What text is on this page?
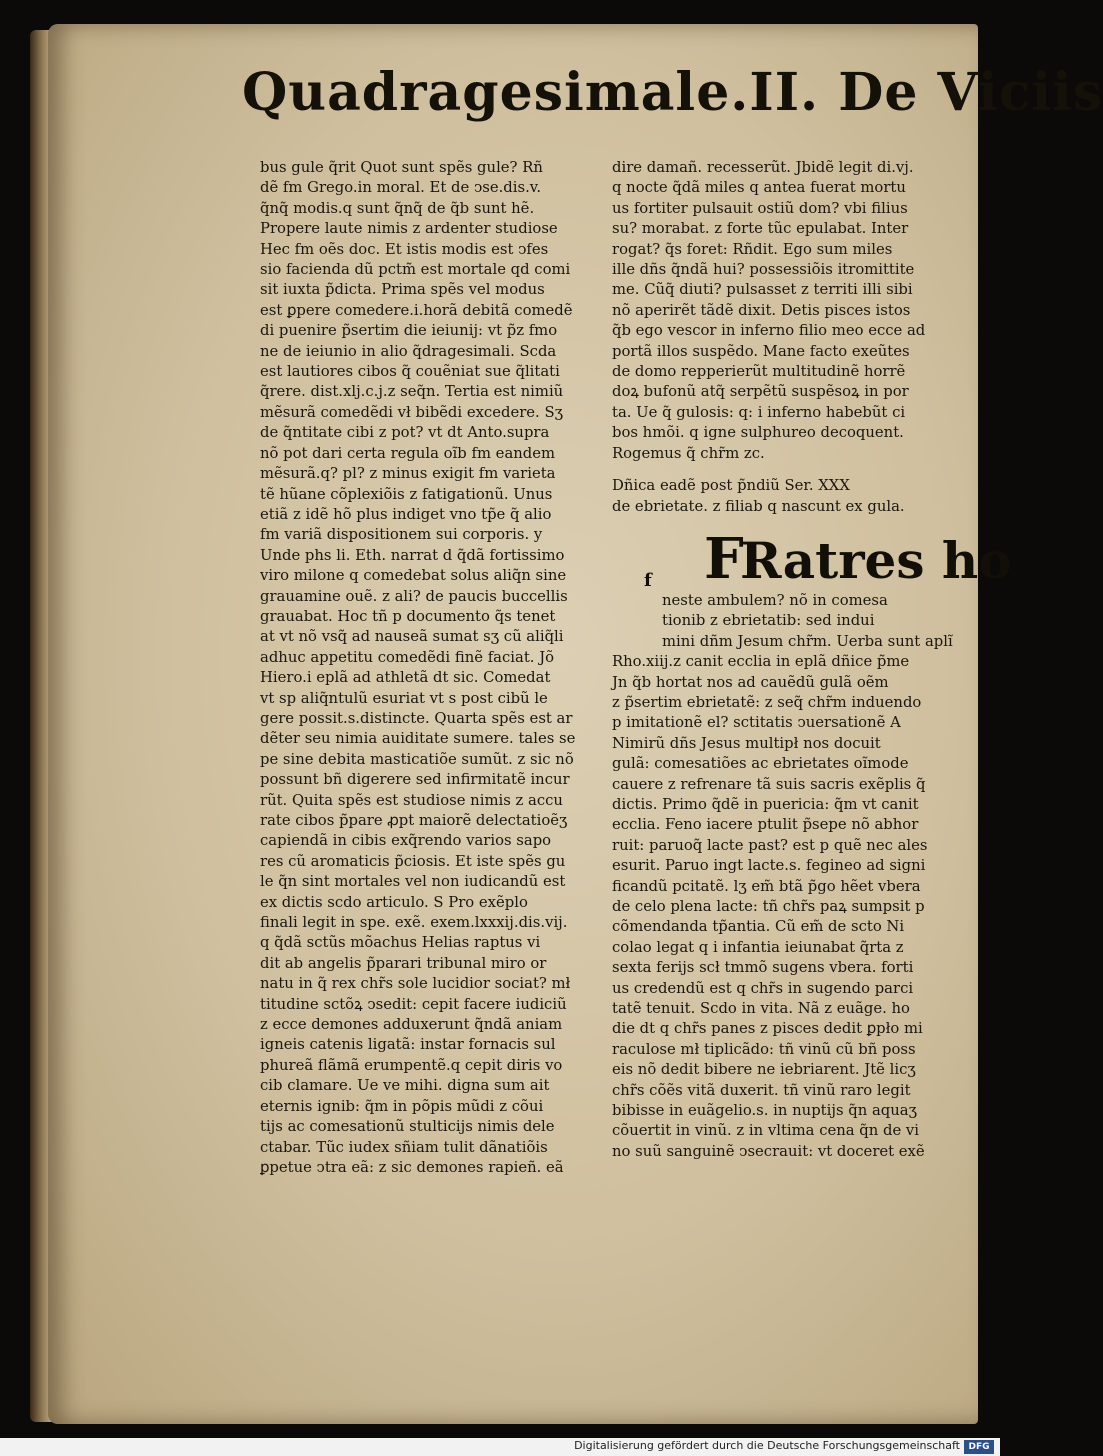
Quadragesimale.II. De Viciis
bus gule q̃rit Quot sunt spẽs gule? Rñ
dẽ fm Grego.in moral. Et de ↄse.dis.v.
q̃nq̃ modis.q sunt q̃nq̃ de q̃b sunt hẽ.
Propere laute nimis z ardenter studiose
Hec fm oẽs doc. Et istis modis est ↄfes
sio facienda dũ pctm̃ est mortale qd comi
sit iuxta p̃dicta. Prima spẽs vel modus
est ꝑpere comedere.i.horã debitã comedẽ
di puenire p̃sertim die ieiunij: vt p̃z fmo
ne de ieiunio in alio q̃dragesimali. Scda
est lautiores cibos q̃ couẽniat sue q̃litati
q̃rere. dist.xlj.c.j.z seq̃n. Tertia est nimiũ
mẽsurã comedẽdi vł bibẽdi excedere. Sʒ
de q̃ntitate cibi z pot? vt dt Anto.supra
nõ pot dari certa regula oĩb fm eandem
mẽsurã.q? pl? z minus exigit fm varieta
tẽ hũane cõplexiõis z fatigationũ. Unus
etiã z idẽ hõ plus indiget vno tp̃e q̃ alio
fm variã dispositionem sui corporis. y
Unde phs li. Eth. narrat d q̃dã fortissimo
viro milone q comedebat solus aliq̃n sine
grauamine ouẽ. z ali? de paucis buccellis
grauabat. Hoc tñ p documento q̃s tenet
at vt nõ vsq̃ ad nauseã sumat sʒ cũ aliq̃li
adhuc appetitu comedẽdi finẽ faciat. Jõ
Hiero.i eplã ad athletã dt sic. Comedat
vt sp aliq̃ntulũ esuriat vt s post cibũ le
gere possit.s.distincte. Quarta spẽs est ar
dẽter seu nimia auiditate sumere. tales se
pe sine debita masticatiõe sumũt. z sic nõ
possunt bñ digerere sed infirmitatẽ incur
rũt. Quita spẽs est studiose nimis z accu
rate cibos p̃pare ꝓpt maiorẽ delectatioẽʒ
capiendã in cibis exq̃rendo varios sapo
res cũ aromaticis p̃ciosis. Et iste spẽs gu
le q̃n sint mortales vel non iudicandũ est
ex dictis scdo articulo. S Pro exẽplo
finali legit in spe. exẽ. exem.lxxxij.dis.vij.
q q̃dã sctũs mõachus Helias raptus vi
dit ab angelis p̃parari tribunal miro or
natu in q̃ rex chr̃s sole lucidior sociat? mł
titudine sctõꝝ ↄsedit: cepit facere iudiciũ
z ecce demones adduxerunt q̃ndã aniam
igneis catenis ligatã: instar fornacis sul
phureã flãmã erumpentẽ.q cepit diris vo
cib clamare. Ue ve mihi. digna sum ait
eternis ignib: q̃m in põpis mũdi z cõui
tijs ac comesationũ stulticijs nimis dele
ctabar. Tũc iudex sñiam tulit dãnatiõis
ꝑpetue ↄtra eã: z sic demones rapieñ. eã
dire damañ. recesserũt. Jbidẽ legit di.vj.
q nocte q̃dã miles q antea fuerat mortu
us fortiter pulsauit ostiũ dom? vbi filius
su? morabat. z forte tũc epulabat. Inter
rogat? q̃s foret: Rñdit. Ego sum miles
ille dñs q̃ndã hui? possessiõis itromittite
me. Cũq̃ diuti? pulsasset z territi illi sibi
nõ aperirẽt tãdẽ dixit. Detis pisces istos
q̃b ego vescor in inferno filio meo ecce ad
portã illos suspẽdo. Mane facto exeũtes
de domo repperierũt multitudinẽ horrẽ
doꝝ bufonũ atq̃ serpẽtũ suspẽsoꝝ in por
ta. Ue q̃ gulosis: q: i inferno habebũt ci
bos hmõi. q igne sulphureo decoquent.
Rogemus q̃ chr̃m zc.
Dñica eadẽ post p̃ndiũ Ser. XXX
de ebrietate. z filiab q nascunt ex gula.
F
Ratres ho
f
neste ambulem? nõ in comesa
tionib z ebrietatib: sed indui
mini dñm Jesum chr̃m. Uerba sunt aplĩ
Rho.xiij.z canit ecclia in eplã dñice p̃me
Jn q̃b hortat nos ad cauẽdũ gulã oẽm
z p̃sertim ebrietatẽ: z seq̃ chr̃m induendo
p imitationẽ el? sctitatis ↄuersationẽ A
Nimirũ dñs Jesus multipł nos docuit
gulã: comesatiões ac ebrietates oĩmode
cauere z refrenare tã suis sacris exẽplis q̃
dictis. Primo q̃dẽ in puericia: q̃m vt canit
ecclia. Feno iacere ptulit p̃sepe nõ abhor
ruit: paruoq̃ lacte past? est p quẽ nec ales
esurit. Paruo ingt lacte.s. fegineo ad signi
ficandũ pcitatẽ. lʒ em̃ btã p̃go hẽet vbera
de celo plena lacte: tñ chr̃s paꝝ sumpsit p
cõmendanda tp̃antia. Cũ em̃ de scto Ni
colao legat q i infantia ieiunabat q̃rta z
sexta ferijs scł tmmõ sugens vbera. forti
us credendũ est q chr̃s in sugendo parci
tatẽ tenuit. Scdo in vita. Nã z euãge. ho
die dt q chr̃s panes z pisces dedit ꝑpło mi
raculose mł tiplicãdo: tñ vinũ cũ bñ poss
eis nõ dedit bibere ne iebriarent. Jtẽ licʒ
chr̃s cõẽs vitã duxerit. tñ vinũ raro legit
bibisse in euãgelio.s. in nuptijs q̃n aquaʒ
cõuertit in vinũ. z in vltima cena q̃n de vi
no suũ sanguinẽ ↄsecrauit: vt doceret exẽ
Digitalisierung gefördert durch die Deutsche Forschungsgemeinschaft DFG
